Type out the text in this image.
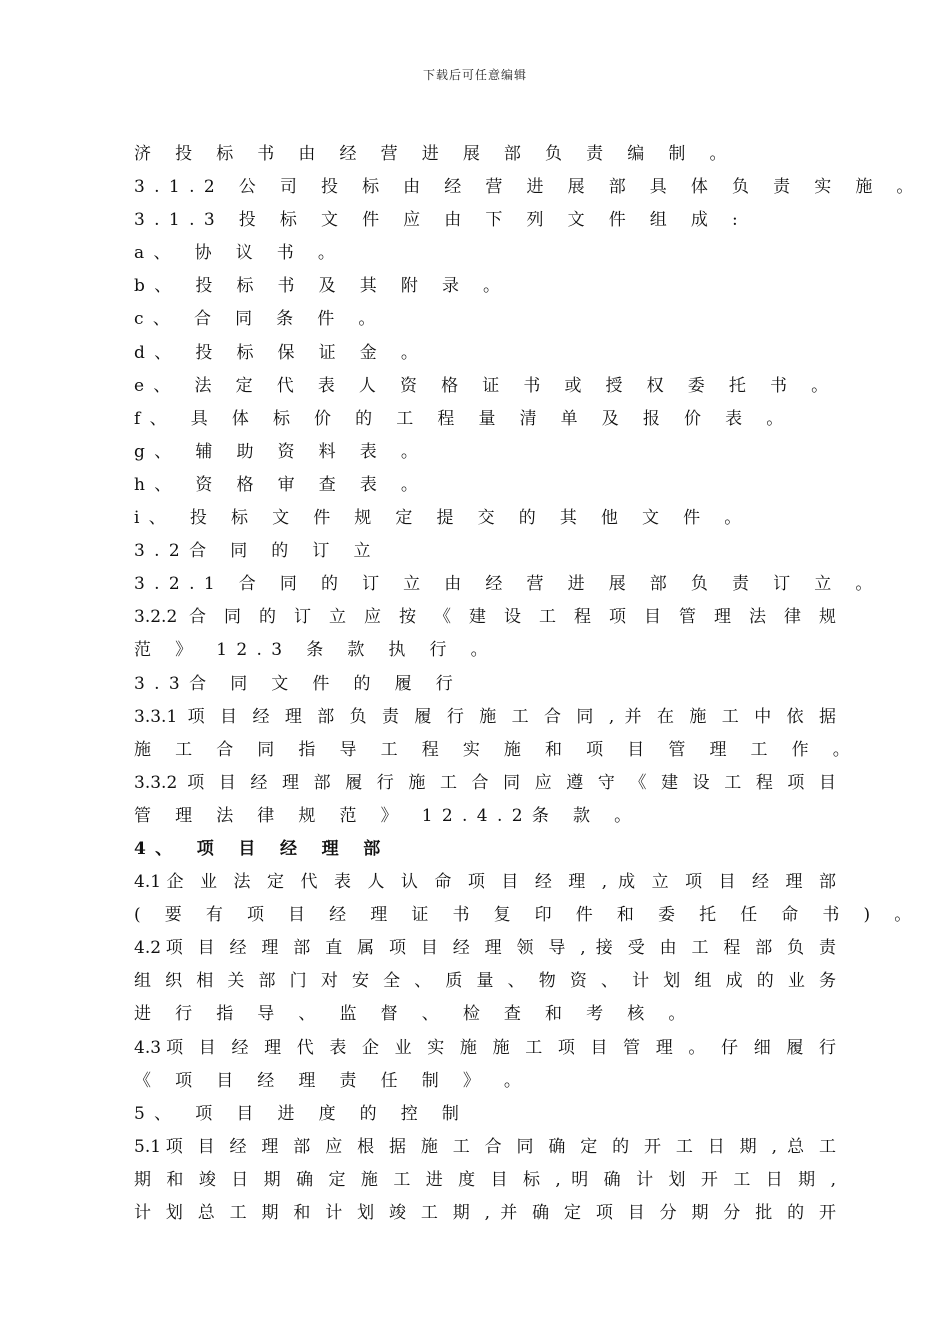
下载后可任意编辑
济 投 标 书 由 经 营 进 展 部 负 责 编 制 。
3.1.2 公 司 投 标 由 经 营 进 展 部 具 体 负 责 实 施 。
3.1.3 投 标 文 件 应 由 下 列 文 件 组 成 :
a、 协 议 书 。
b、 投 标 书 及 其 附 录 。
c、 合 同 条 件 。
d、 投 标 保 证 金 。
e、 法 定 代 表 人 资 格 证 书 或 授 权 委 托 书 。
f、 具 体 标 价 的 工 程 量 清 单 及 报 价 表 。
g、 辅 助 资 料 表 。
h、 资 格 审 查 表 。
i、 投 标 文 件 规 定 提 交 的 其 他 文 件 。
3.2合 同 的 订 立
3.2.1 合 同 的 订 立 由 经 营 进 展 部 负 责 订 立 。
3.2.2 合 同 的 订 立 应 按 《 建 设 工 程 项 目 管 理 法 律 规
范 》 12.3 条 款 执 行 。
3.3合 同 文 件 的 履 行
3.3.1 项 目 经 理 部 负 责 履 行 施 工 合 同 , 并 在 施 工 中 依 据
施 工 合 同 指 导 工 程 实 施 和 项 目 管 理 工 作 。
3.3.2 项 目 经 理 部 履 行 施 工 合 同 应 遵 守 《 建 设 工 程 项 目
管 理 法 律 规 范 》 12.4.2条 款 。
4、 项 目 经 理 部
4.1企 业 法 定 代 表 人 认 命 项 目 经 理 , 成 立 项 目 经 理 部
( 要 有 项 目 经 理 证 书 复 印 件 和 委 托 任 命 书 ) 。
4.2项 目 经 理 部 直 属 项 目 经 理 领 导 , 接 受 由 工 程 部 负 责
组 织 相 关 部 门 对 安 全 、 质 量 、 物 资 、 计 划 组 成 的 业 务
进 行 指 导 、 监 督 、 检 查 和 考 核 。
4.3项 目 经 理 代 表 企 业 实 施 施 工 项 目 管 理 。 仔 细 履 行
《 项 目 经 理 责 任 制 》 。
5、 项 目 进 度 的 控 制
5.1项 目 经 理 部 应 根 据 施 工 合 同 确 定 的 开 工 日 期 , 总 工
期 和 竣 日 期 确 定 施 工 进 度 目 标 , 明 确 计 划 开 工 日 期 ,
计 划 总 工 期 和 计 划 竣 工 期 , 并 确 定 项 目 分 期 分 批 的 开
